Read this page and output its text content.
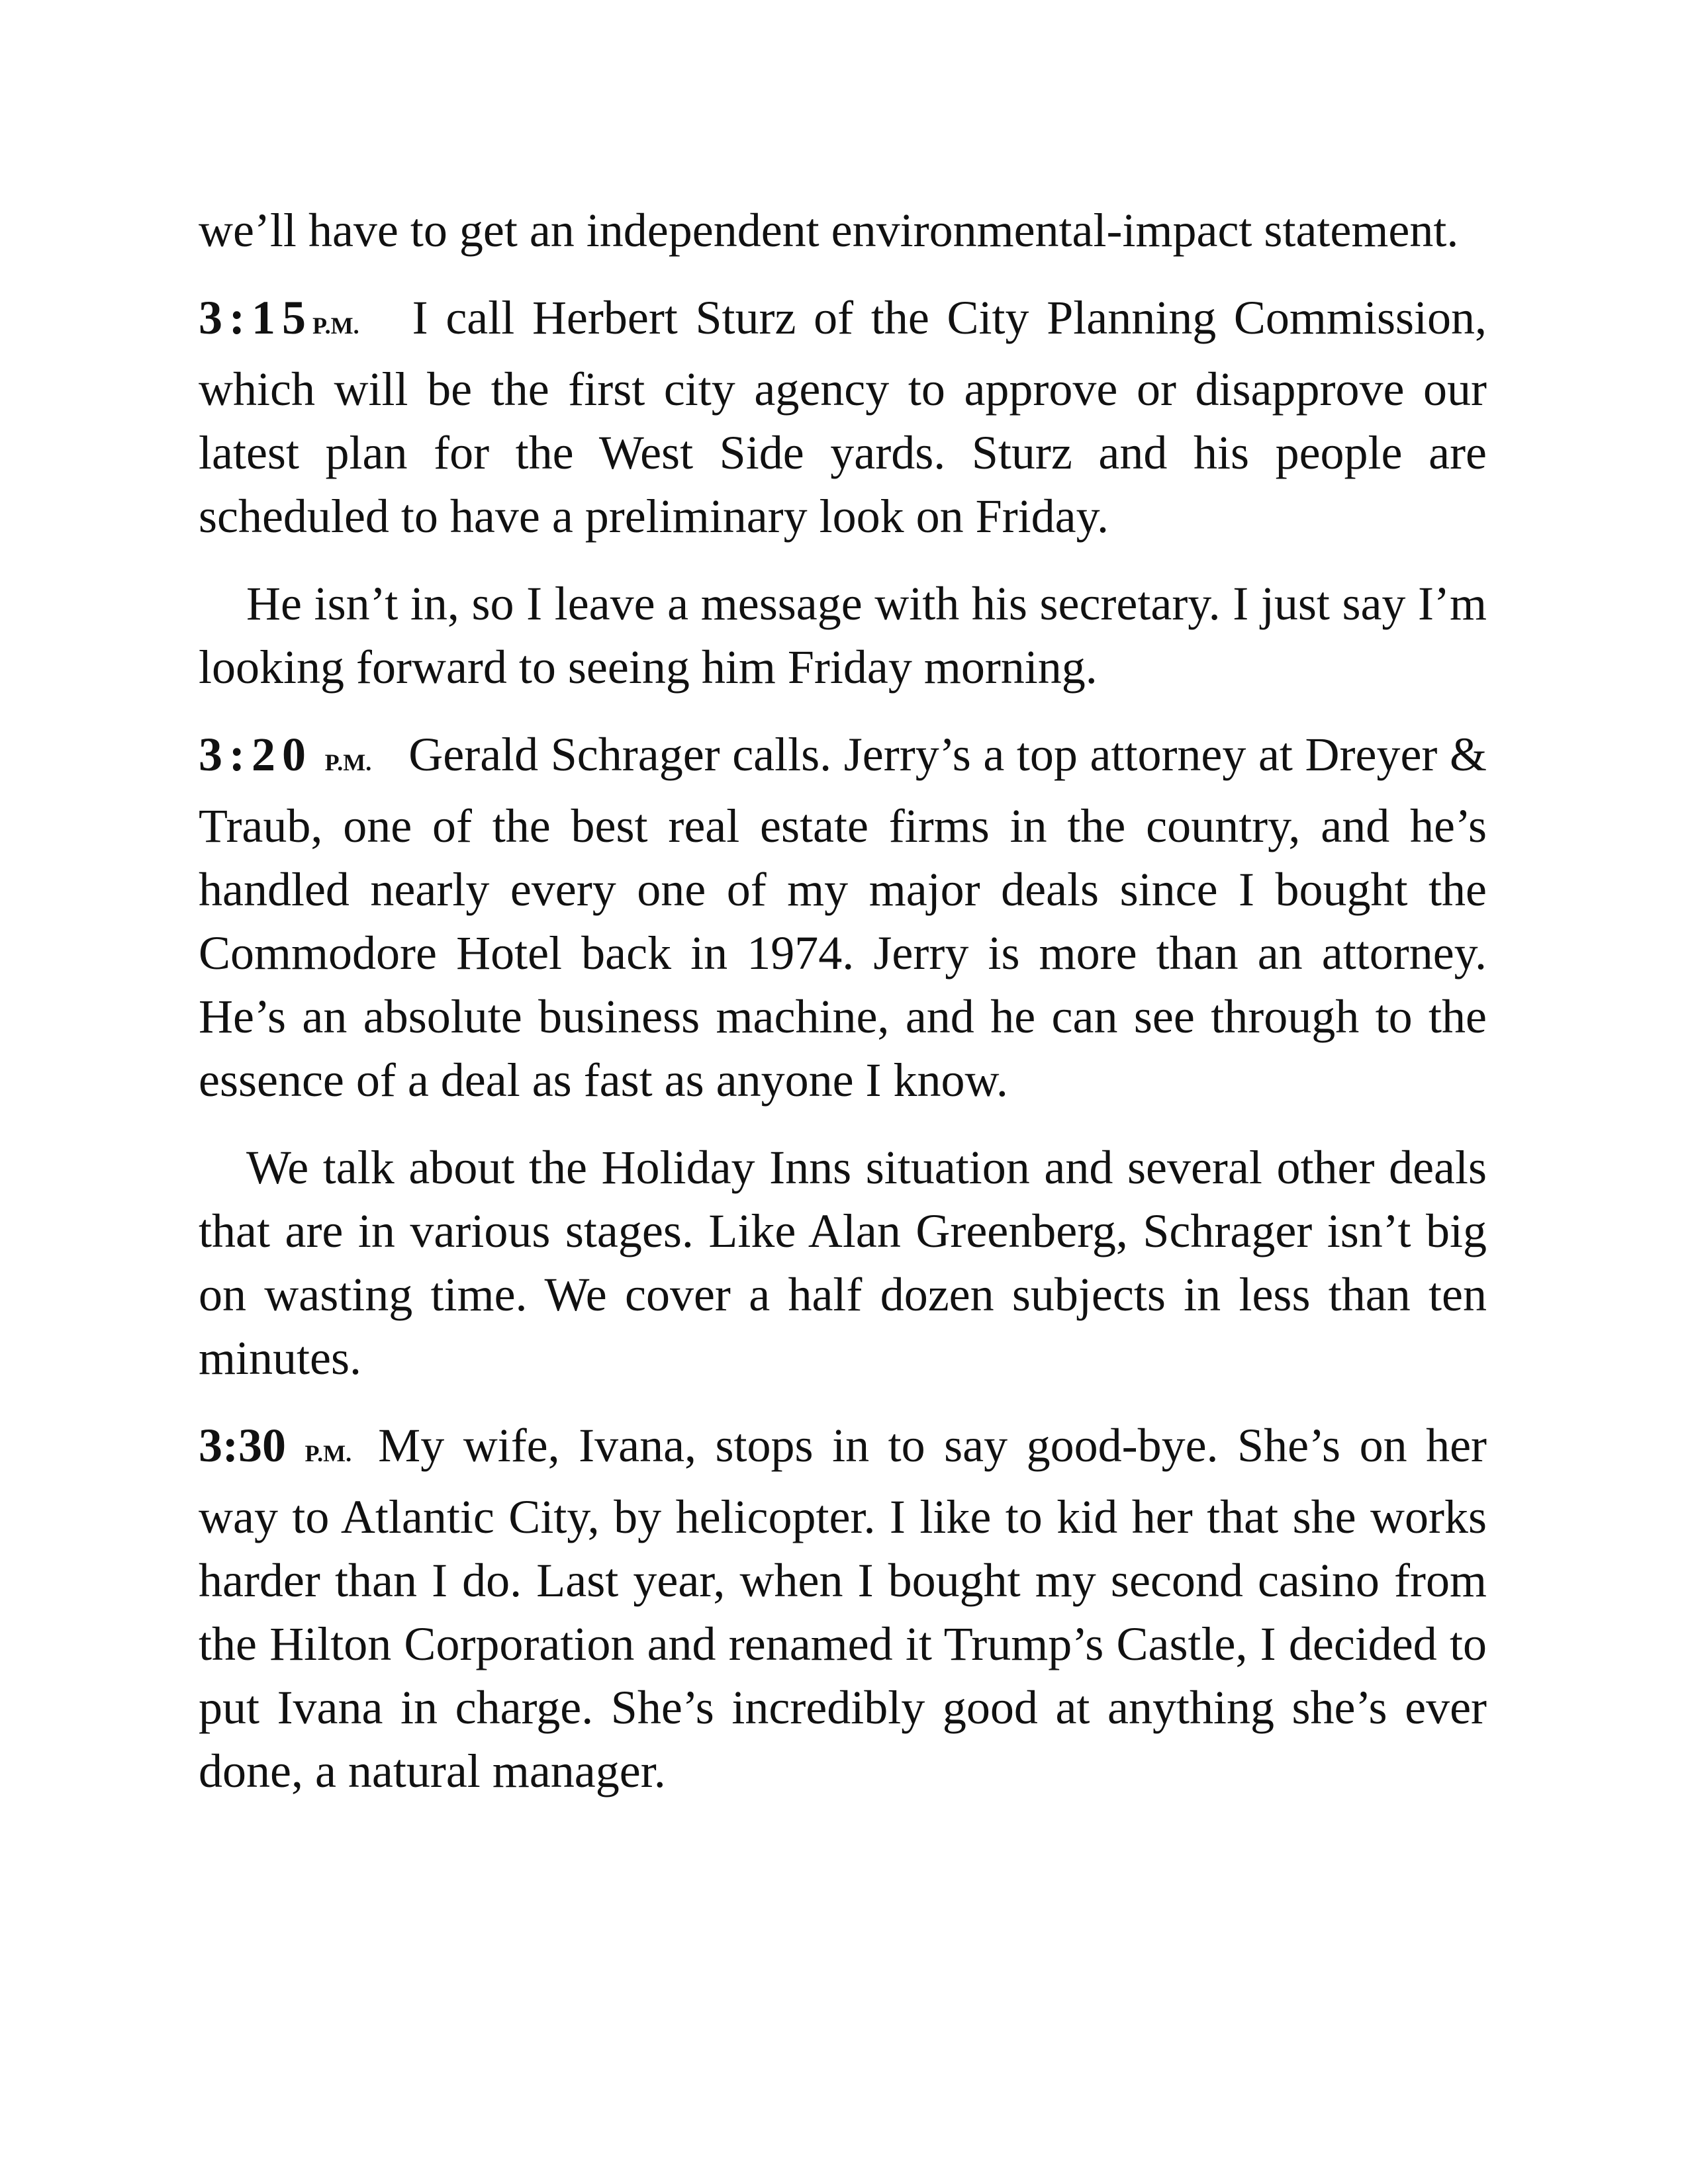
we’ll have to get an independent environmental-impact statement.

3:15P.M. I call Herbert Sturz of the City Planning Commission, which will be the first city agency to approve or disapprove our latest plan for the West Side yards. Sturz and his people are scheduled to have a preliminary look on Friday.

He isn’t in, so I leave a message with his secretary. I just say I’m looking forward to seeing him Friday morning.

3:20 P.M. Gerald Schrager calls. Jerry’s a top attorney at Dreyer & Traub, one of the best real estate firms in the country, and he’s handled nearly every one of my major deals since I bought the Commodore Hotel back in 1974. Jerry is more than an attorney. He’s an absolute business machine, and he can see through to the essence of a deal as fast as anyone I know.

We talk about the Holiday Inns situation and several other deals that are in various stages. Like Alan Greenberg, Schrager isn’t big on wasting time. We cover a half dozen subjects in less than ten minutes.

3:30 P.M. My wife, Ivana, stops in to say good-bye. She’s on her way to Atlantic City, by helicopter. I like to kid her that she works harder than I do. Last year, when I bought my second casino from the Hilton Corporation and renamed it Trump’s Castle, I decided to put Ivana in charge. She’s incredibly good at anything she’s ever done, a natural manager.
